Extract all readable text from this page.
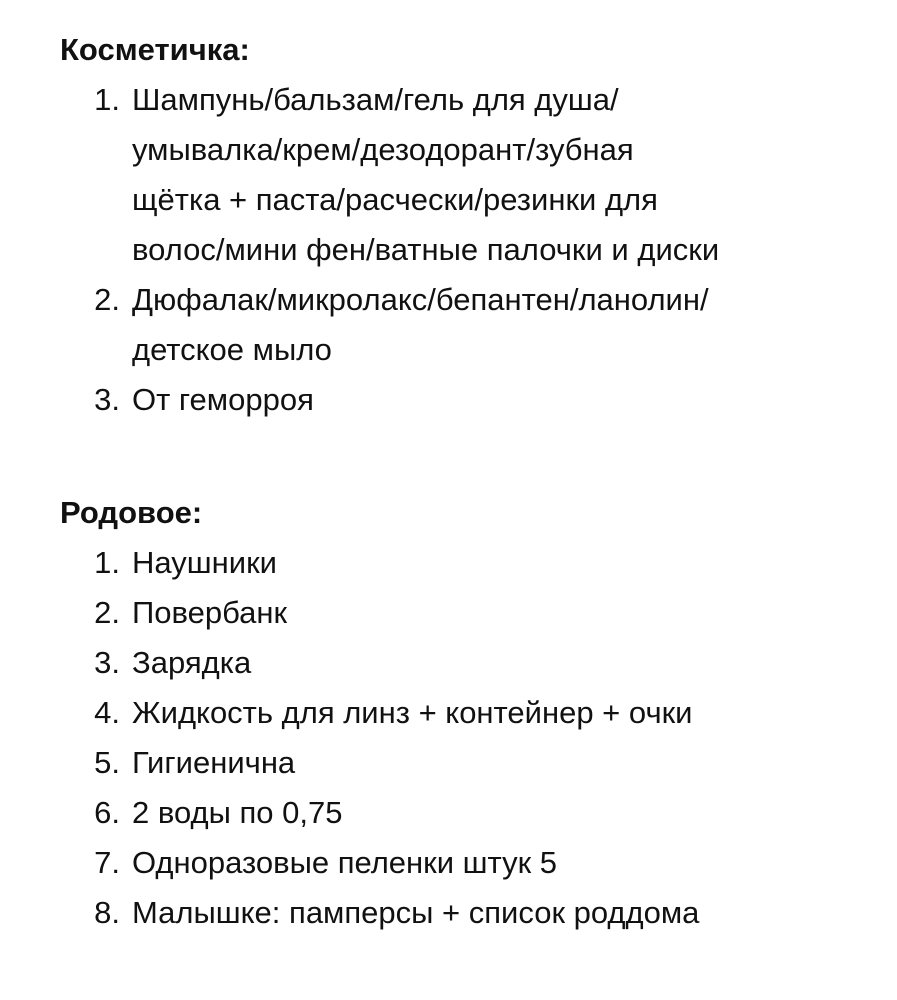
Косметичка:
1. Шампунь/бальзам/гель для душа/
умывалка/крем/дезодорант/зубная
щётка + паста/расчески/резинки для
волос/мини фен/ватные палочки и диски
2. Дюфалак/микролакс/бепантен/ланолин/
детское мыло
3. От геморроя
Родовое:
1. Наушники
2. Повербанк
3. Зарядка
4. Жидкость для линз + контейнер + очки
5. Гигиенична
6. 2 воды по 0,75
7. Одноразовые пеленки штук 5
8. Малышке: памперсы + список роддома
